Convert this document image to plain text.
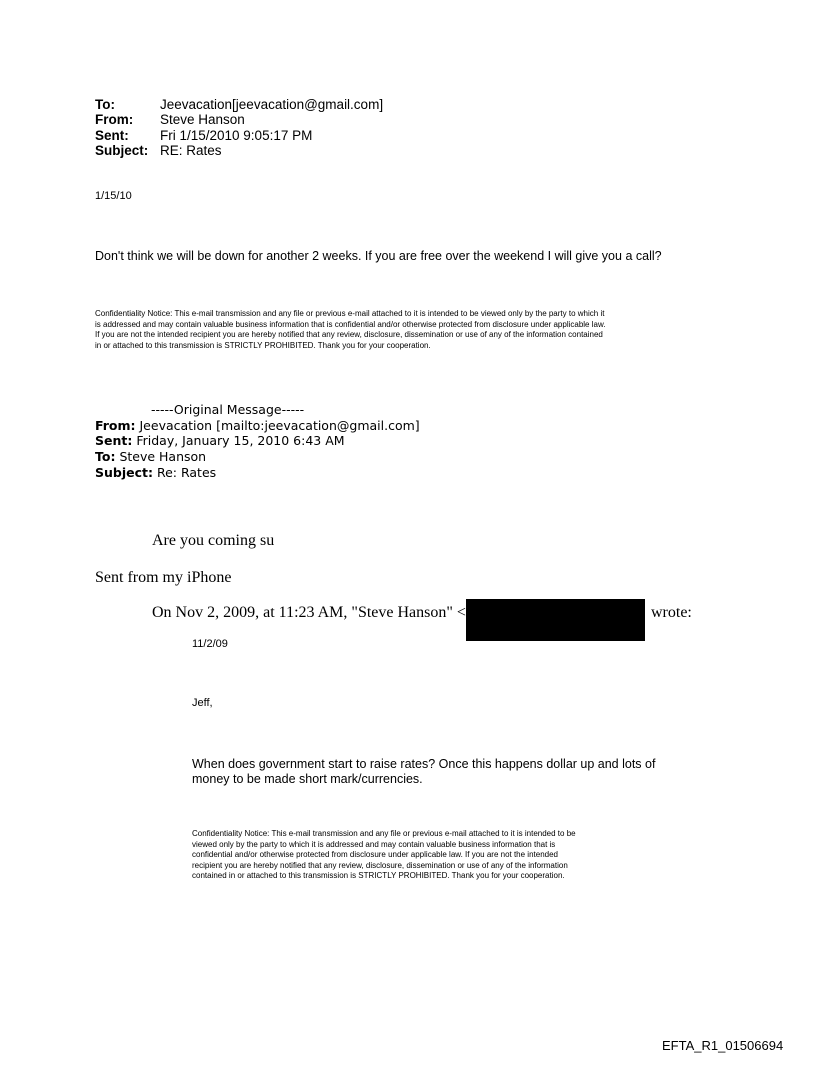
To:	Jeevacation[jeevacation@gmail.com]
From: Steve Hanson
Sent: Fri 1/15/2010 9:05:17 PM
Subject: RE: Rates
1/15/10
Don't think we will be down for another 2 weeks. If you are free over the weekend I will give you a call?
Confidentiality Notice: This e-mail transmission and any file or previous e-mail attached to it is intended to be viewed only by the party to which it
is addressed and may contain valuable business information that is confidential and/or otherwise protected from disclosure under applicable law.
If you are not the intended recipient you are hereby notified that any review, disclosure, dissemination or use of any of the information contained
in or attached to this transmission is STRICTLY PROHIBITED. Thank you for your cooperation.
-----Original Message-----
From: Jeevacation [mailto:jeevacation@gmail.com]
Sent: Friday, January 15, 2010 6:43 AM
To: Steve Hanson
Subject: Re: Rates
Are you coming su
Sent from my iPhone
On Nov 2, 2009, at 11:23 AM, "Steve Hanson" <	wrote:
11/2/09
Jeff,
When does government start to raise rates? Once this happens dollar up and lots of
money to be made short mark/currencies.
Confidentiality Notice: This e-mail transmission and any file or previous e-mail attached to it is intended to be
viewed only by the party to which it is addressed and may contain valuable business information that is
confidential and/or otherwise protected from disclosure under applicable law. If you are not the intended
recipient you are hereby notified that any review, disclosure, dissemination or use of any of the information
contained in or attached to this transmission is STRICTLY PROHIBITED. Thank you for your cooperation.
EFTA_R1_01506694
